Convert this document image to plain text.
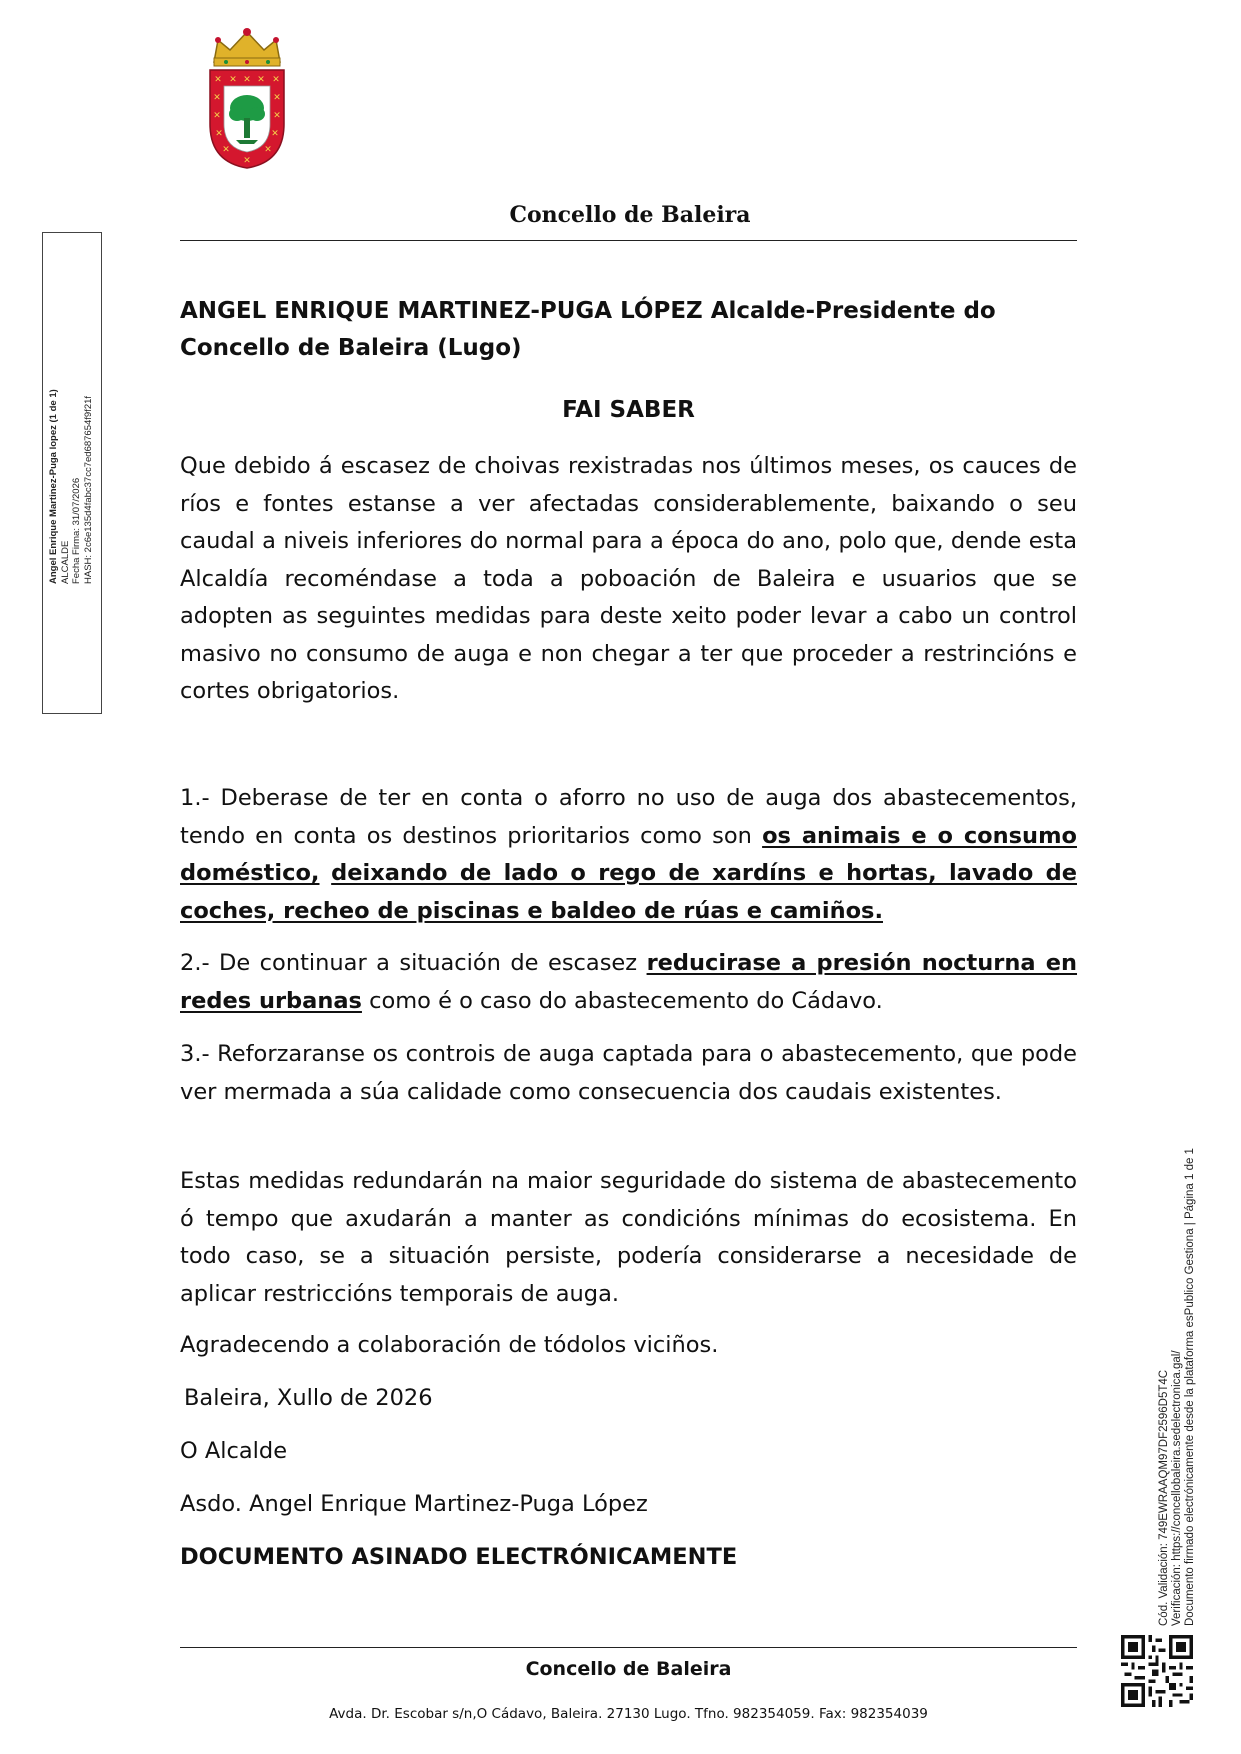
✕ ✕ ✕ ✕ ✕
✕	✕
✕	✕
✕	✕
✕	✕
✕
Concello de Baleira
Angel Enrique Martinez-Puga lopez (1 de 1) ALCALDE Fecha Firma: 31/07/2026 HASH: 2c6e135d4fabc37cc7ed687654f9f21f
ANGEL ENRIQUE MARTINEZ-PUGA LÓPEZ Alcalde-Presidente do Concello de Baleira (Lugo)
FAI SABER
Que debido á escasez de choivas rexistradas nos últimos meses, os cauces de ríos e fontes estanse a ver afectadas considerablemente, baixando o seu caudal a niveis inferiores do normal para a época do ano, polo que, dende esta Alcaldía recoméndase a toda a poboación de Baleira e usuarios que se adopten as seguintes medidas para deste xeito poder levar a cabo un control masivo no consumo de auga e non chegar a ter que proceder a restrincións e cortes obrigatorios.
1.- Deberase de ter en conta o aforro no uso de auga dos abastecementos, tendo en conta os destinos prioritarios como son os animais e o consumo doméstico, deixando de lado o rego de xardíns e hortas, lavado de coches, recheo de piscinas e baldeo de rúas e camiños.
2.- De continuar a situación de escasez reducirase a presión nocturna en redes urbanas como é o caso do abastecemento do Cádavo.
3.- Reforzaranse os controis de auga captada para o abastecemento, que pode ver mermada a súa calidade como consecuencia dos caudais existentes.
Estas medidas redundarán na maior seguridade do sistema de abastecemento ó tempo que axudarán a manter as condicións mínimas do ecosistema. En todo caso, se a situación persiste, podería considerarse a necesidade de aplicar restriccións temporais de auga.
Agradecendo a colaboración de tódolos viciños.
Baleira, Xullo de 2026
O Alcalde
Asdo. Angel Enrique Martinez-Puga López
DOCUMENTO ASINADO ELECTRÓNICAMENTE	Cód. Validación: 749EWRAAQM97DF2596D5T4C Verificación: https://concellobaleira.sedelectronica.gal/ Documento firmado electrónicamente desde la plataforma esPublico Gestiona | Página 1 de 1
Concello de Baleira
Avda. Dr. Escobar s/n,O Cádavo, Baleira. 27130 Lugo. Tfno. 982354059. Fax: 982354039
